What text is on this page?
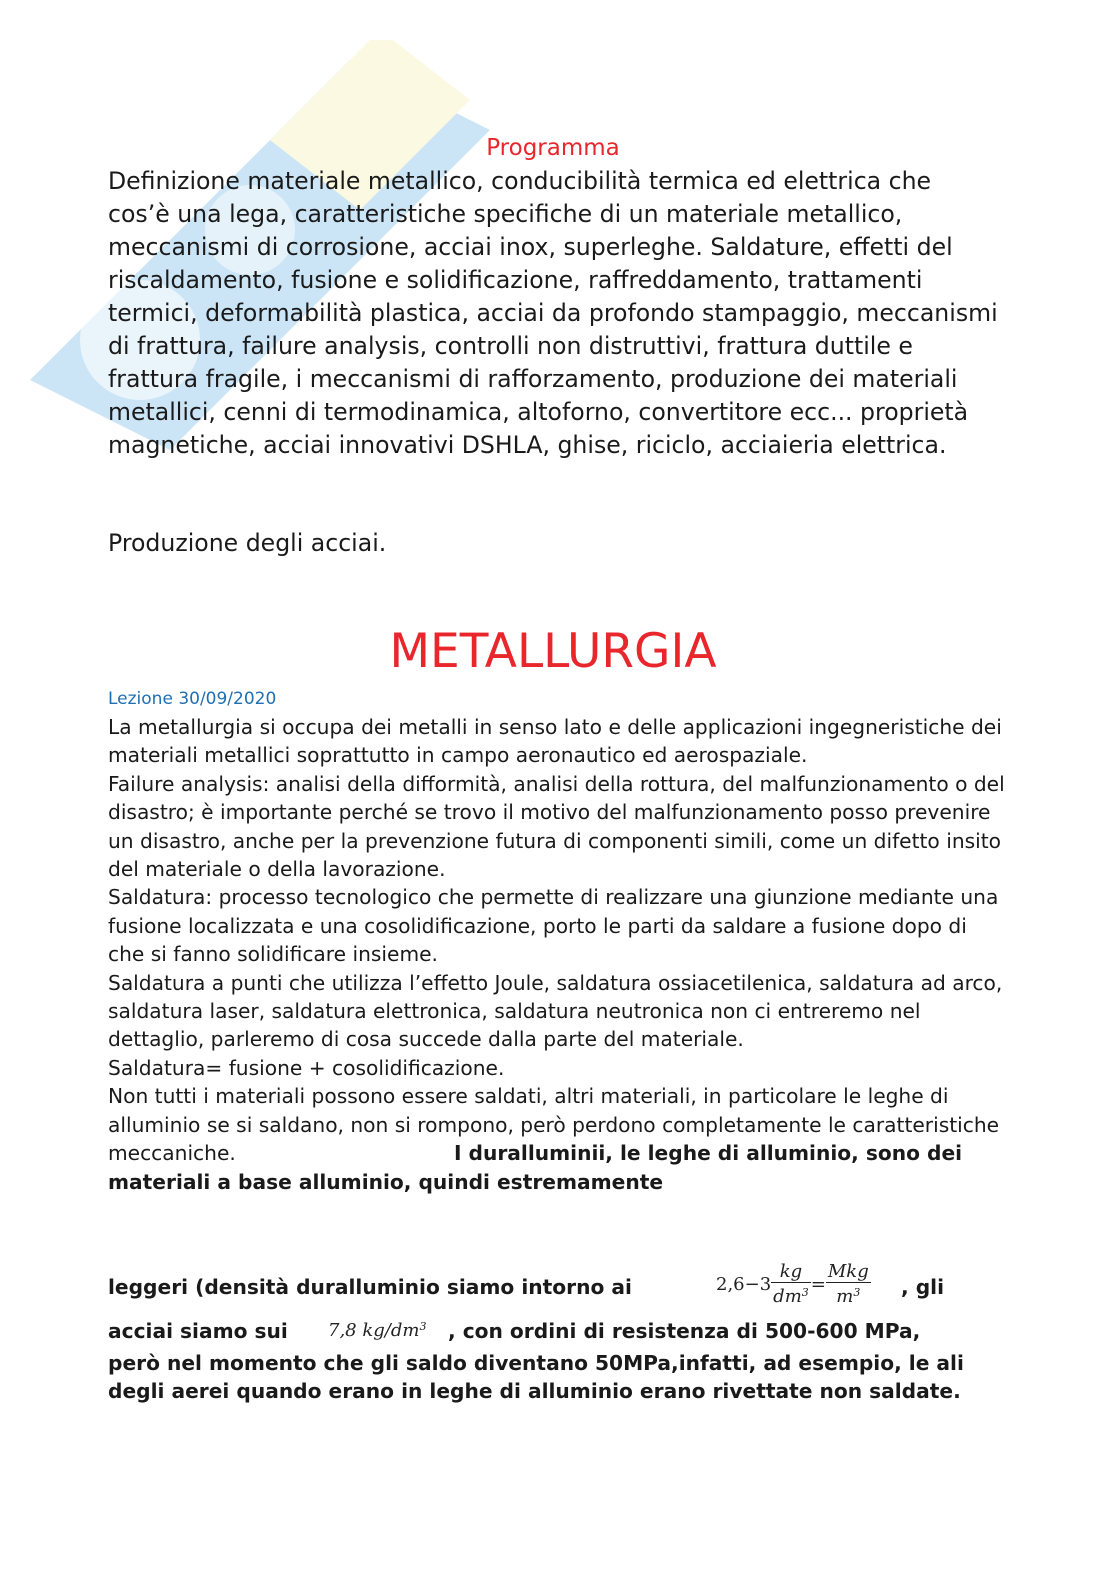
Programma

Definizione materiale metallico, conducibilità termica ed elettrica che cos’è una lega, caratteristiche specifiche di un materiale metallico, meccanismi di corrosione, acciai inox, superleghe. Saldature, effetti del riscaldamento, fusione e solidificazione, raffreddamento, trattamenti termici, deformabilità plastica, acciai da profondo stampaggio, meccanismi di frattura, failure analysis, controlli non distruttivi, frattura duttile e frattura fragile, i meccanismi di rafforzamento, produzione dei materiali metallici, cenni di termodinamica, altoforno, convertitore ecc... proprietà magnetiche, acciai innovativi DSHLA, ghise, riciclo, acciaieria elettrica.

Produzione degli acciai.

METALLURGIA
Lezione 30/09/2020

La metallurgia si occupa dei metalli in senso lato e delle applicazioni ingegneristiche dei materiali metallici soprattutto in campo aeronautico ed aerospaziale.

Failure analysis: analisi della difformità, analisi della rottura, del malfunzionamento o del disastro; è importante perché se trovo il motivo del malfunzionamento posso prevenire un disastro, anche per la prevenzione futura di componenti simili, come un difetto insito del materiale o della lavorazione.

Saldatura: processo tecnologico che permette di realizzare una giunzione mediante una fusione localizzata e una cosolidificazione, porto le parti da saldare a fusione dopo di che si fanno solidificare insieme.

Saldatura a punti che utilizza l’effetto Joule, saldatura ossiacetilenica, saldatura ad arco, saldatura laser, saldatura elettronica, saldatura neutronica non ci entreremo nel dettaglio, parleremo di cosa succede dalla parte del materiale.

Saldatura= fusione + cosolidificazione.

Non tutti i materiali possono essere saldati, altri materiali, in particolare le leghe di alluminio se si saldano, non si rompono, però perdono completamente le caratteristiche meccaniche.	I duralluminii, le leghe di alluminio, sono dei materiali a base alluminio, quindi estremamente

leggeri (densità duralluminio siamo intorno ai	$2,6-3 \frac{kg}{dm^3} = \frac{\text{Mkg}}{m^3}$ , gli
acciai siamo sui 7,8 $kg/dm^3$ , con ordini di resistenza di 500-600 MPa,
però nel momento che gli saldo diventano 50MPa,infatti, ad esempio, le ali degli aerei quando erano in leghe di alluminio erano rivettate non saldate.
